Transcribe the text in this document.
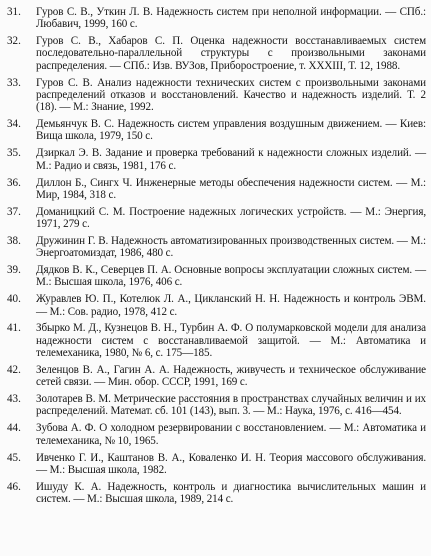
31.	Гуров С. В., Уткин Л. В. Надежность систем при неполной информации. — СПб.: Любавич, 1999, 160 с.
32.	Гуров С. В., Хабаров С. П. Оценка надежности восстанавливаемых систем последовательно-параллельной структуры с произвольными законами распределения. — СПб.: Изв. ВУЗов, Приборостроение, т. XXXIII, Т. 12, 1988.
33.	Гуров С. В. Анализ надежности технических систем с произвольными законами распределений отказов и восстановлений. Качество и надежность изделий. Т. 2 (18). — М.: Знание, 1992.
34.	Демьянчук В. С. Надежность систем управления воздушным движением. — Киев: Вища школа, 1979, 150 с.
35.	Дзиркал Э. В. Задание и проверка требований к надежности сложных изделий. — М.: Радио и связь, 1981, 176 с.
36.	Диллон Б., Сингх Ч. Инженерные методы обеспечения надежности систем. — М.: Мир, 1984, 318 с.
37.	Доманицкий С. М. Построение надежных логических устройств. — М.: Энергия, 1971, 279 с.
38.	Дружинин Г. В. Надежность автоматизированных производственных систем. — М.: Энергоатомиздат, 1986, 480 с.
39.	Дядков В. К., Северцев П. А. Основные вопросы эксплуатации сложных систем. — М.: Высшая школа, 1976, 406 с.
40.	Журавлев Ю. П., Котелюк Л. А., Цикланский Н. Н. Надежность и контроль ЭВМ. — М.: Сов. радио, 1978, 412 с.
41.	Збырко М. Д., Кузнецов В. Н., Турбин А. Ф. О полумарковской модели для анализа надежности систем с восстанавливаемой защитой. — М.: Автоматика и телемеханика, 1980, № 6, с. 175—185.
42.	Зеленцов В. А., Гагин А. А. Надежность, живучесть и техническое обслуживание сетей связи. — Мин. обор. СССР, 1991, 169 с.
43.	Золотарев В. М. Метрические расстояния в пространствах случайных величин и их распределений. Математ. сб. 101 (143), вып. 3. — М.: Наука, 1976, с. 416—454.
44.	Зубова А. Ф. О холодном резервировании с восстановлением. — М.: Автоматика и телемеханика, № 10, 1965.
45.	Ивченко Г. И., Каштанов В. А., Коваленко И. Н. Теория массового обслуживания. — М.: Высшая школа, 1982.
46.	Ишуду К. А. Надежность, контроль и диагностика вычислительных машин и систем. — М.: Высшая школа, 1989, 214 с.
